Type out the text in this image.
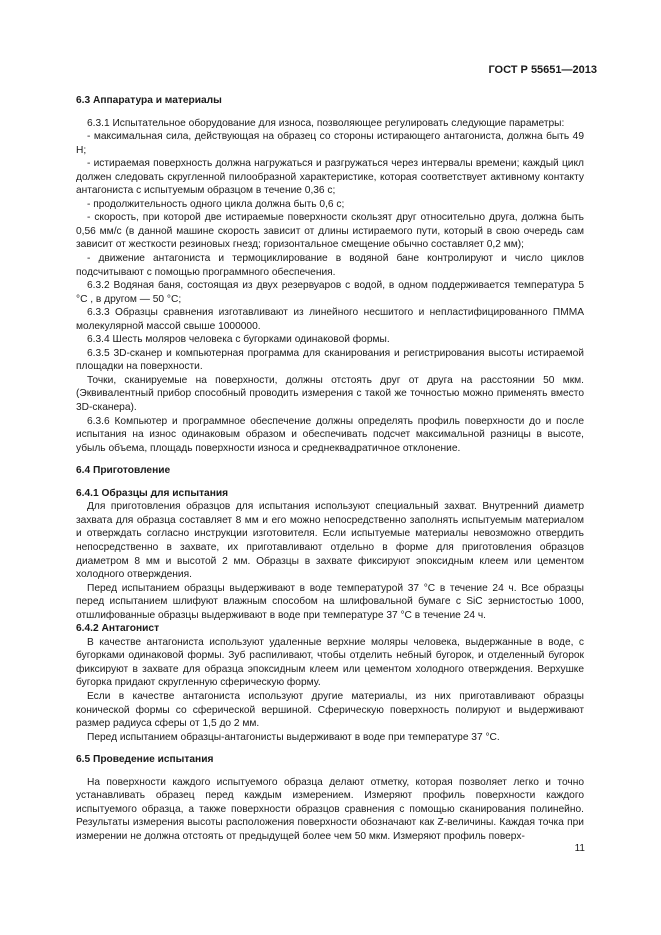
ГОСТ Р 55651—2013
6.3 Аппаратура и материалы

6.3.1 Испытательное оборудование для износа, позволяющее регулировать следующие параметры:

- максимальная сила, действующая на образец со стороны истирающего антагониста, должна быть 49 Н;

- истираемая поверхность должна нагружаться и разгружаться через интервалы времени; каждый цикл должен следовать скругленной пилообразной характеристике, которая соответствует активному контакту антагониста с испытуемым образцом в течение 0,36 с;

- продолжительность одного цикла должна быть 0,6 с;

- скорость, при которой две истираемые поверхности скользят друг относительно друга, должна быть 0,56 мм/с (в данной машине скорость зависит от длины истираемого пути, который в свою очередь сам зависит от жесткости резиновых гнезд; горизонтальное смещение обычно составляет 0,2 мм);

- движение антагониста и термоциклирование в водяной бане контролируют и число циклов подсчитывают с помощью программного обеспечения.

6.3.2 Водяная баня, состоящая из двух резервуаров с водой, в одном поддерживается температура 5 °С , в другом — 50 °С;

6.3.3 Образцы сравнения изготавливают из линейного несшитого и непластифицированного ПММА молекулярной массой свыше 1000000.

6.3.4 Шесть моляров человека с бугорками одинаковой формы.

6.3.5 3D-сканер и компьютерная программа для сканирования и регистрирования высоты истираемой площадки на поверхности.

Точки, сканируемые на поверхности, должны отстоять друг от друга на расстоянии 50 мкм. (Эквивалентный прибор способный проводить измерения с такой же точностью можно применять вместо 3D-сканера).

6.3.6 Компьютер и программное обеспечение должны определять профиль поверхности до и после испытания на износ одинаковым образом и обеспечивать подсчет максимальной разницы в высоте, убыль объема, площадь поверхности износа и среднеквадратичное отклонение.

6.4 Приготовление
6.4.1 Образцы для испытания

Для приготовления образцов для испытания используют специальный захват. Внутренний диаметр захвата для образца составляет 8 мм и его можно непосредственно заполнять испытуемым материалом и отверждать согласно инструкции изготовителя. Если испытуемые материалы невозможно отвердить непосредственно в захвате, их приготавливают отдельно в форме для приготовления образцов диаметром 8 мм и высотой 2 мм. Образцы в захвате фиксируют эпоксидным клеем или цементом холодного отверждения.

Перед испытанием образцы выдерживают в воде температурой 37 °С в течение 24 ч. Все образцы перед испытанием шлифуют влажным способом на шлифовальной бумаге с SiC зернистостью 1000, отшлифованные образцы выдерживают в воде при температуре 37 °С в течение 24 ч.

6.4.2 Антагонист

В качестве антагониста используют удаленные верхние моляры человека, выдержанные в воде, с бугорками одинаковой формы. Зуб распиливают, чтобы отделить небный бугорок, и отделенный бугорок фиксируют в захвате для образца эпоксидным клеем или цементом холодного отверждения. Верхушке бугорка придают скругленную сферическую форму.

Если в качестве антагониста используют другие материалы, из них приготавливают образцы конической формы со сферической вершиной. Сферическую поверхность полируют и выдерживают размер радиуса сферы от 1,5 до 2 мм.

Перед испытанием образцы-антагонисты выдерживают в воде при температуре 37 °С.

6.5 Проведение испытания

На поверхности каждого испытуемого образца делают отметку, которая позволяет легко и точно устанавливать образец перед каждым измерением. Измеряют профиль поверхности каждого испытуемого образца, а также поверхности образцов сравнения с помощью сканирования полинейно. Результаты измерения высоты расположения поверхности обозначают как Z-величины. Каждая точка при измерении не должна отстоять от предыдущей более чем 50 мкм. Измеряют профиль поверх-

11
